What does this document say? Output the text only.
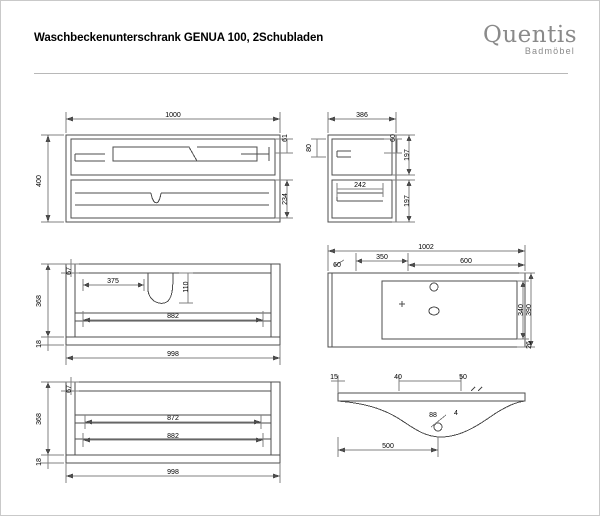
Waschbeckenunterschrank GENUA 100, 2Schubladen	Quentis
Badmöbel
1000
400
61
234
386
60
80
197
242
197
67
368
18
375	110
882
998
1002
350
600
60
390
340
26
67
368
18
872
882
998
15	40	50
88 4
500
